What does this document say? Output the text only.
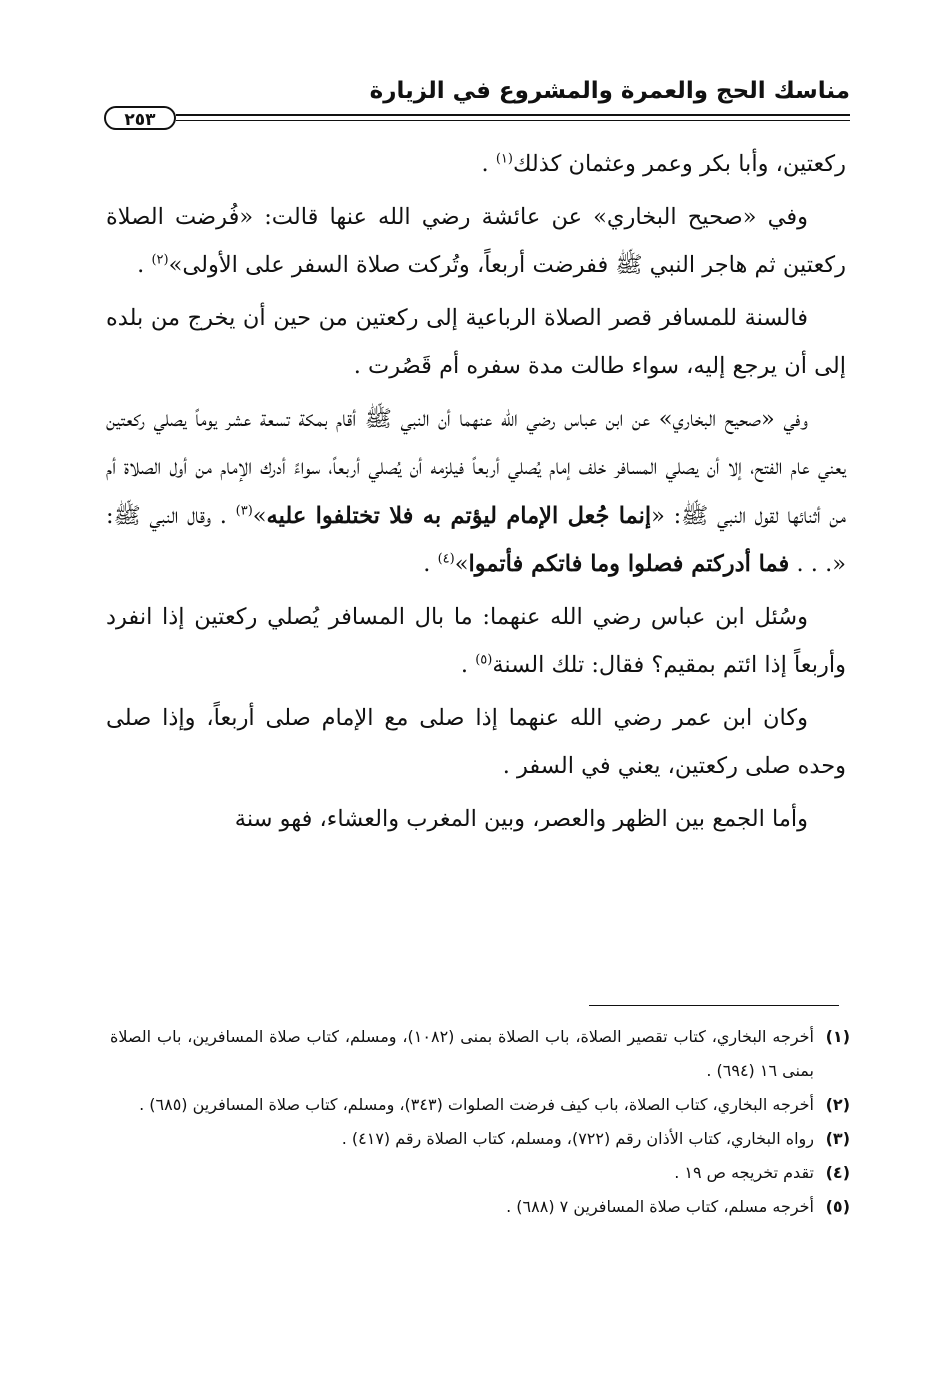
مناسك الحج والعمرة والمشروع في الزيارة
٢٥٣

ركعتين، وأبا بكر وعمر وعثمان كذلك$^{(١)}$ .

وفي «صحيح البخاري» عن عائشة رضي الله عنها قالت: «فُرضت الصلاة ركعتين ثم هاجر النبي ﷺ ففرضت أربعاً، وتُركت صلاة السفر على الأولى»$^{(٢)}$ .

فالسنة للمسافر قصر الصلاة الرباعية إلى ركعتين من حين أن يخرج من بلده إلى أن يرجع إليه، سواء طالت مدة سفره أم قَصُرت .

وفي «صحيح البخاري» عن ابن عباس رضي الله عنهما أن النبي ﷺ أقام بمكة تسعة عشر يوماً يصلي ركعتين يعني عام الفتح، إلا أن يصلي المسافر خلف إمام يُصلي أربعاً فيلزمه أن يُصلي أربعاً، سواءً أدرك الإمام من أول الصلاة أم من أثنائها لقول النبي ﷺ: «إنما جُعل الإمام ليؤتم به فلا تختلفوا عليه»$^{(٣)}$ . وقال النبي ﷺ: «. . . فما أدركتم فصلوا وما فاتكم فأتموا»$^{(٤)}$ .

وسُئل ابن عباس رضي الله عنهما: ما بال المسافر يُصلي ركعتين إذا انفرد وأربعاً إذا ائتم بمقيم؟ فقال: تلك السنة$^{(٥)}$ .

وكان ابن عمر رضي الله عنهما إذا صلى مع الإمام صلى أربعاً، وإذا صلى وحده صلى ركعتين، يعني في السفر .

وأما الجمع بين الظهر والعصر، وبين المغرب والعشاء، فهو سنة

(١)أخرجه البخاري، كتاب تقصير الصلاة، باب الصلاة بمنى (١٠٨٢)، ومسلم، كتاب صلاة المسافرين، باب الصلاة بمنى ١٦ (٦٩٤) .

(٢)أخرجه البخاري، كتاب الصلاة، باب كيف فرضت الصلوات (٣٤٣)، ومسلم، كتاب صلاة المسافرين (٦٨٥) .

(٣)رواه البخاري، كتاب الأذان رقم (٧٢٢)، ومسلم، كتاب الصلاة رقم (٤١٧) .

(٤)تقدم تخريجه ص ١٩ .

(٥)أخرجه مسلم، كتاب صلاة المسافرين ٧ (٦٨٨) .
